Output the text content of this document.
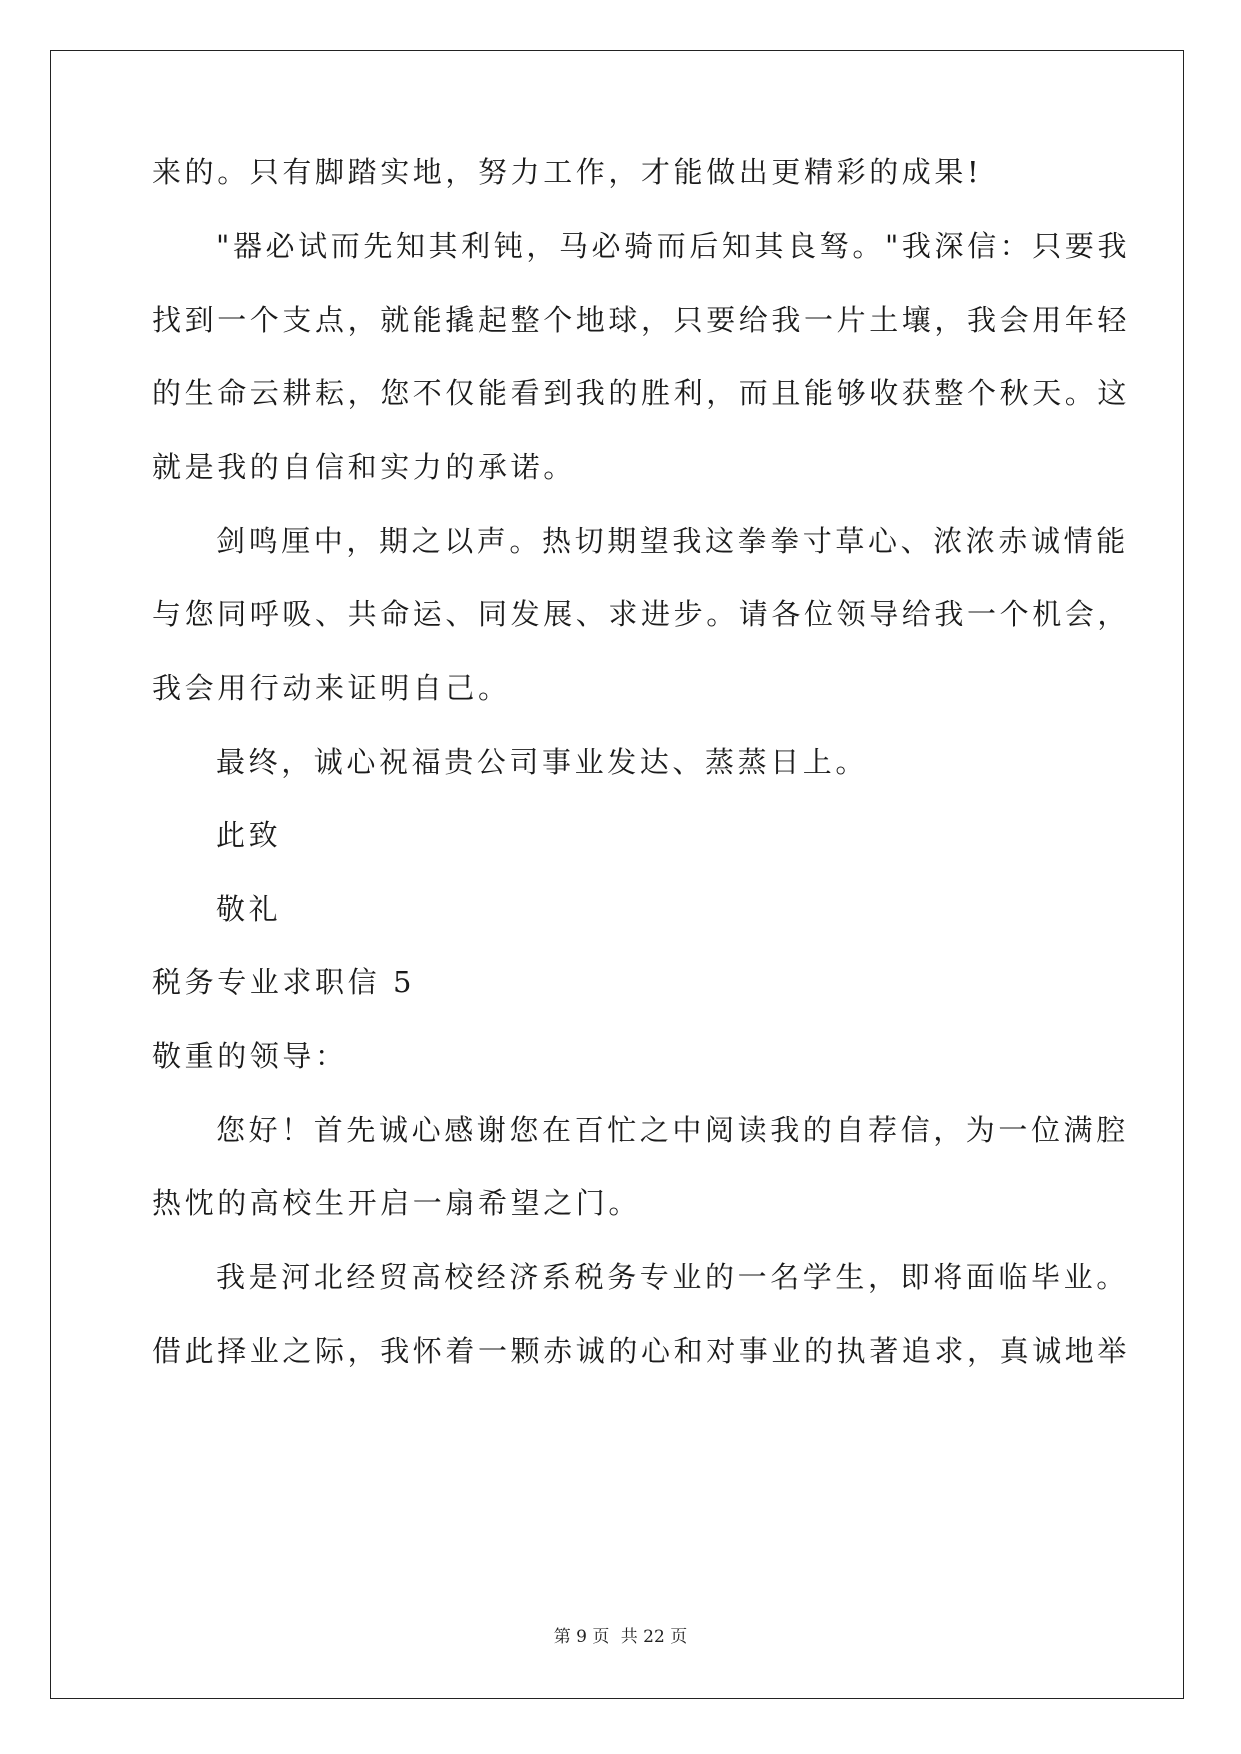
来的。只有脚踏实地，努力工作，才能做出更精彩的成果!
"器必试而先知其利钝，马必骑而后知其良驽。"我深信：只要我
找到一个支点，就能撬起整个地球，只要给我一片土壤，我会用年轻
的生命云耕耘，您不仅能看到我的胜利，而且能够收获整个秋天。这
就是我的自信和实力的承诺。
剑鸣厘中，期之以声。热切期望我这拳拳寸草心、浓浓赤诚情能
与您同呼吸、共命运、同发展、求进步。请各位领导给我一个机会，
我会用行动来证明自己。
最终，诚心祝福贵公司事业发达、蒸蒸日上。
此致
敬礼
税务专业求职信 5
敬重的领导：
您好！首先诚心感谢您在百忙之中阅读我的自荐信，为一位满腔
热忱的高校生开启一扇希望之门。
我是河北经贸高校经济系税务专业的一名学生，即将面临毕业。
借此择业之际，我怀着一颗赤诚的心和对事业的执著追求，真诚地举
第 9 页 共 22 页
